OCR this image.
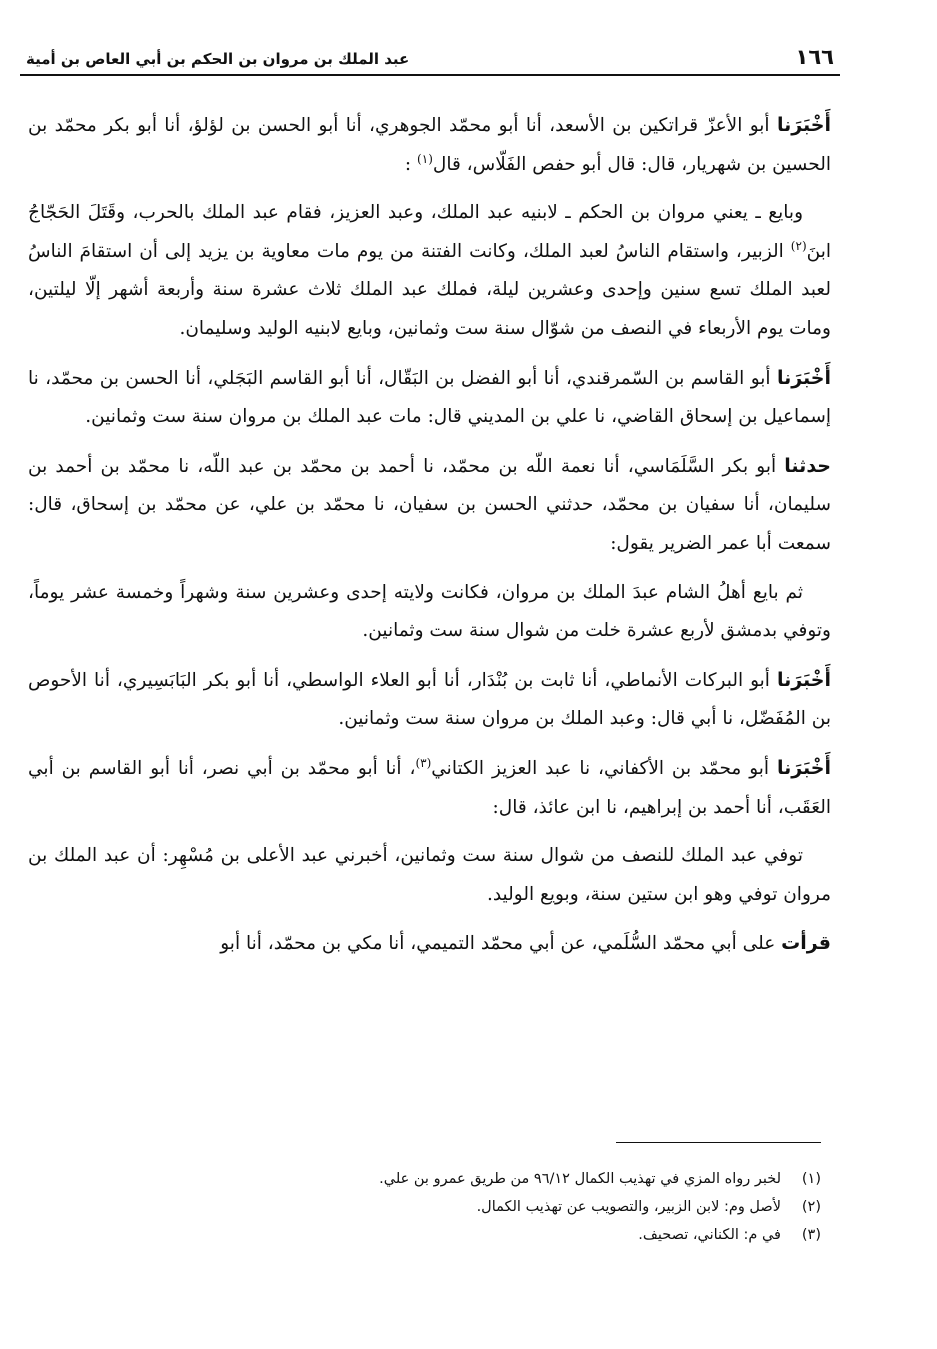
١٦٦
عبد الملك بن مروان بن الحكم بن أبي العاص بن أمية

أَخْبَرَنا أبو الأعزّ قراتكين بن الأسعد، أنا أبو محمّد الجوهري، أنا أبو الحسن بن لؤلؤ، أنا أبو بكر محمّد بن الحسين بن شهريار، قال: قال أبو حفص الفَلّاس، قال$^{(١)}$ :

وبايع ـ يعني مروان بن الحكم ـ لابنيه عبد الملك، وعبد العزيز، فقام عبد الملك بالحرب، وقَتَلَ الحَجّاجُ ابنَ$^{(٢)}$ الزبير، واستقام الناسُ لعبد الملك، وكانت الفتنة من يوم مات معاوية بن يزيد إلى أن استقامَ الناسُ لعبد الملك تسع سنين وإحدى وعشرين ليلة، فملك عبد الملك ثلاث عشرة سنة وأربعة أشهر إلّا ليلتين، ومات يوم الأربعاء في النصف من شوّال سنة ست وثمانين، وبايع لابنيه الوليد وسليمان.

أَخْبَرَنا أبو القاسم بن السّمرقندي، أنا أبو الفضل بن البَقّال، أنا أبو القاسم البَجَلي، أنا الحسن بن محمّد، نا إسماعيل بن إسحاق القاضي، نا علي بن المديني قال: مات عبد الملك بن مروان سنة ست وثمانين.

حدثنا أبو بكر السَّلَمَاسي، أنا نعمة اللّه بن محمّد، نا أحمد بن محمّد بن عبد اللّه، نا محمّد بن أحمد بن سليمان، أنا سفيان بن محمّد، حدثني الحسن بن سفيان، نا محمّد بن علي، عن محمّد بن إسحاق، قال: سمعت أبا عمر الضرير يقول:

ثم بايع أهلُ الشام عبدَ الملك بن مروان، فكانت ولايته إحدى وعشرين سنة وشهراً وخمسة عشر يوماً، وتوفي بدمشق لأربع عشرة خلت من شوال سنة ست وثمانين.

أَخْبَرَنا أبو البركات الأنماطي، أنا ثابت بن بُنْدَار، أنا أبو العلاء الواسطي، أنا أبو بكر البَابَسِيري، أنا الأحوص بن المُفَضّل، نا أبي قال: وعبد الملك بن مروان سنة ست وثمانين.

أَخْبَرَنا أبو محمّد بن الأكفاني، نا عبد العزيز الكتاني$^{(٣)}$، أنا أبو محمّد بن أبي نصر، أنا أبو القاسم بن أبي العَقَب، أنا أحمد بن إبراهيم، نا ابن عائذ، قال:

توفي عبد الملك للنصف من شوال سنة ست وثمانين، أخبرني عبد الأعلى بن مُسْهِر: أن عبد الملك بن مروان توفي وهو ابن ستين سنة، وبويع الوليد.

قرأت على أبي محمّد السُّلَمي، عن أبي محمّد التميمي، أنا مكي بن محمّد، أنا أبو

(١)لخبر رواه المزي في تهذيب الكمال ٩٦/١٢ من طريق عمرو بن علي.
(٢)لأصل وم: لابن الزبير، والتصويب عن تهذيب الكمال.
(٣)في م: الكناني، تصحيف.
